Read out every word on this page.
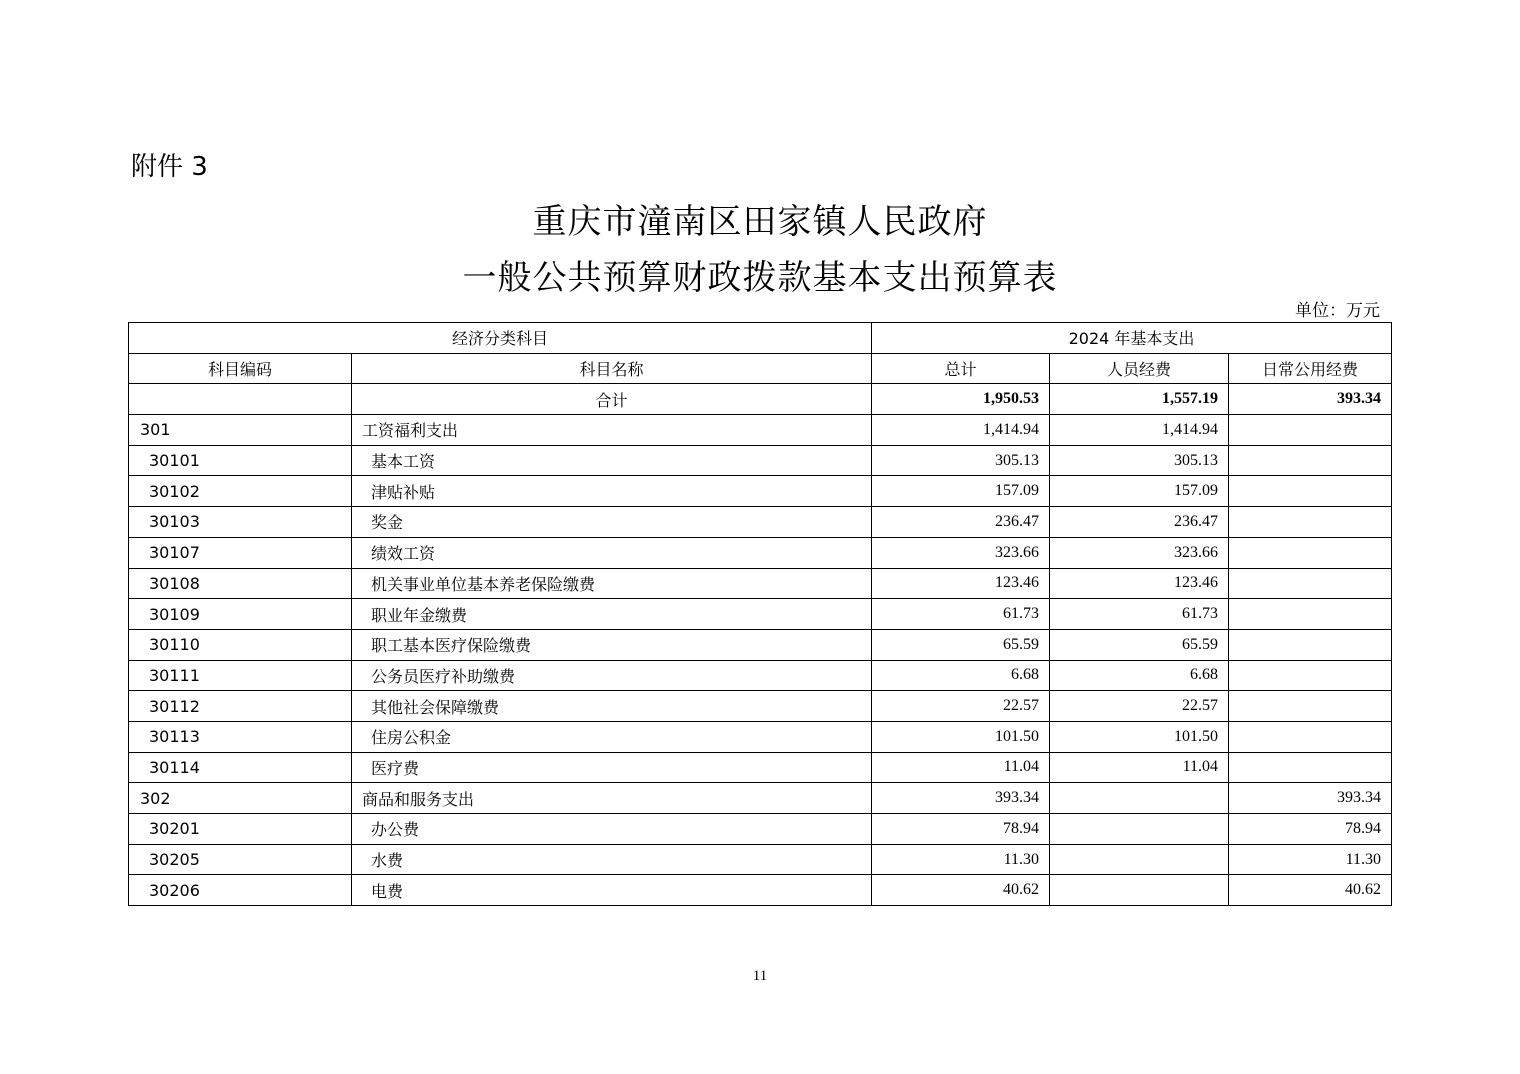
附件 3
重庆市潼南区田家镇人民政府
一般公共预算财政拨款基本支出预算表
单位：万元
经济分类科目		2024 年基本支出		
科目编码	科目名称	总计	人员经费	日常公用经费
	合计	1,950.53	1,557.19	393.34
301	工资福利支出	1,414.94	1,414.94	
30101	基本工资	305.13	305.13	
30102	津贴补贴	157.09	157.09	
30103	奖金	236.47	236.47	
30107	绩效工资	323.66	323.66	
30108	机关事业单位基本养老保险缴费	123.46	123.46	
30109	职业年金缴费	61.73	61.73	
30110	职工基本医疗保险缴费	65.59	65.59	
30111	公务员医疗补助缴费	6.68	6.68	
30112	其他社会保障缴费	22.57	22.57	
30113	住房公积金	101.50	101.50	
30114	医疗费	11.04	11.04	
302	商品和服务支出	393.34		393.34
30201	办公费	78.94		78.94
30205	水费	11.30		11.30
30206	电费	40.62		40.62
11
